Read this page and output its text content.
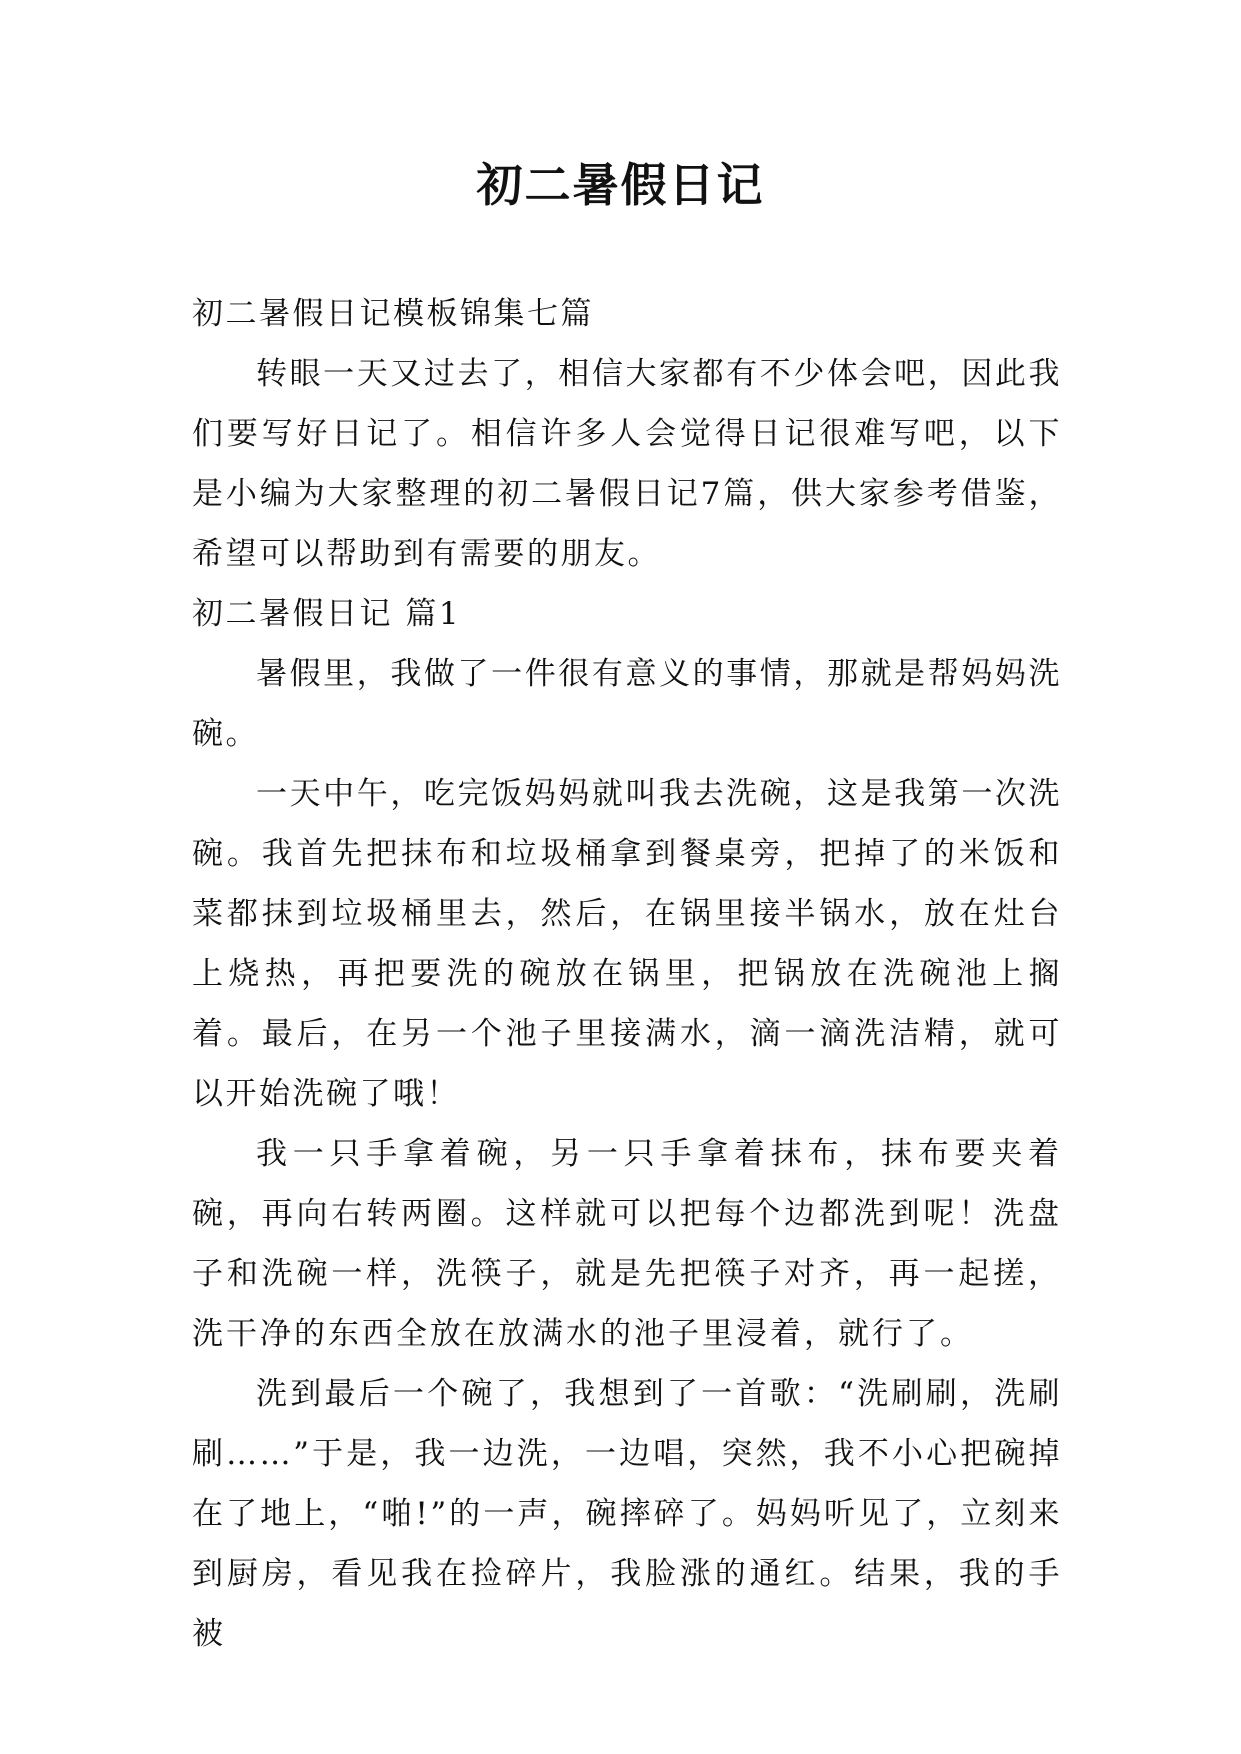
初二暑假日记

初二暑假日记模板锦集七篇

转眼一天又过去了，相信大家都有不少体会吧，因此我们要写好日记了。相信许多人会觉得日记很难写吧，以下是小编为大家整理的初二暑假日记7篇，供大家参考借鉴，希望可以帮助到有需要的朋友。

初二暑假日记 篇1

暑假里，我做了一件很有意义的事情，那就是帮妈妈洗碗。

一天中午，吃完饭妈妈就叫我去洗碗，这是我第一次洗碗。我首先把抹布和垃圾桶拿到餐桌旁，把掉了的米饭和菜都抹到垃圾桶里去，然后，在锅里接半锅水，放在灶台上烧热，再把要洗的碗放在锅里，把锅放在洗碗池上搁着。最后，在另一个池子里接满水，滴一滴洗洁精，就可以开始洗碗了哦！

我一只手拿着碗，另一只手拿着抹布，抹布要夹着碗，再向右转两圈。这样就可以把每个边都洗到呢！洗盘子和洗碗一样，洗筷子，就是先把筷子对齐，再一起搓，洗干净的东西全放在放满水的池子里浸着，就行了。

洗到最后一个碗了，我想到了一首歌：“洗刷刷，洗刷刷……”于是，我一边洗，一边唱，突然，我不小心把碗掉在了地上，“啪!”的一声，碗摔碎了。妈妈听见了，立刻来到厨房，看见我在捡碎片，我脸涨的通红。结果，我的手被
